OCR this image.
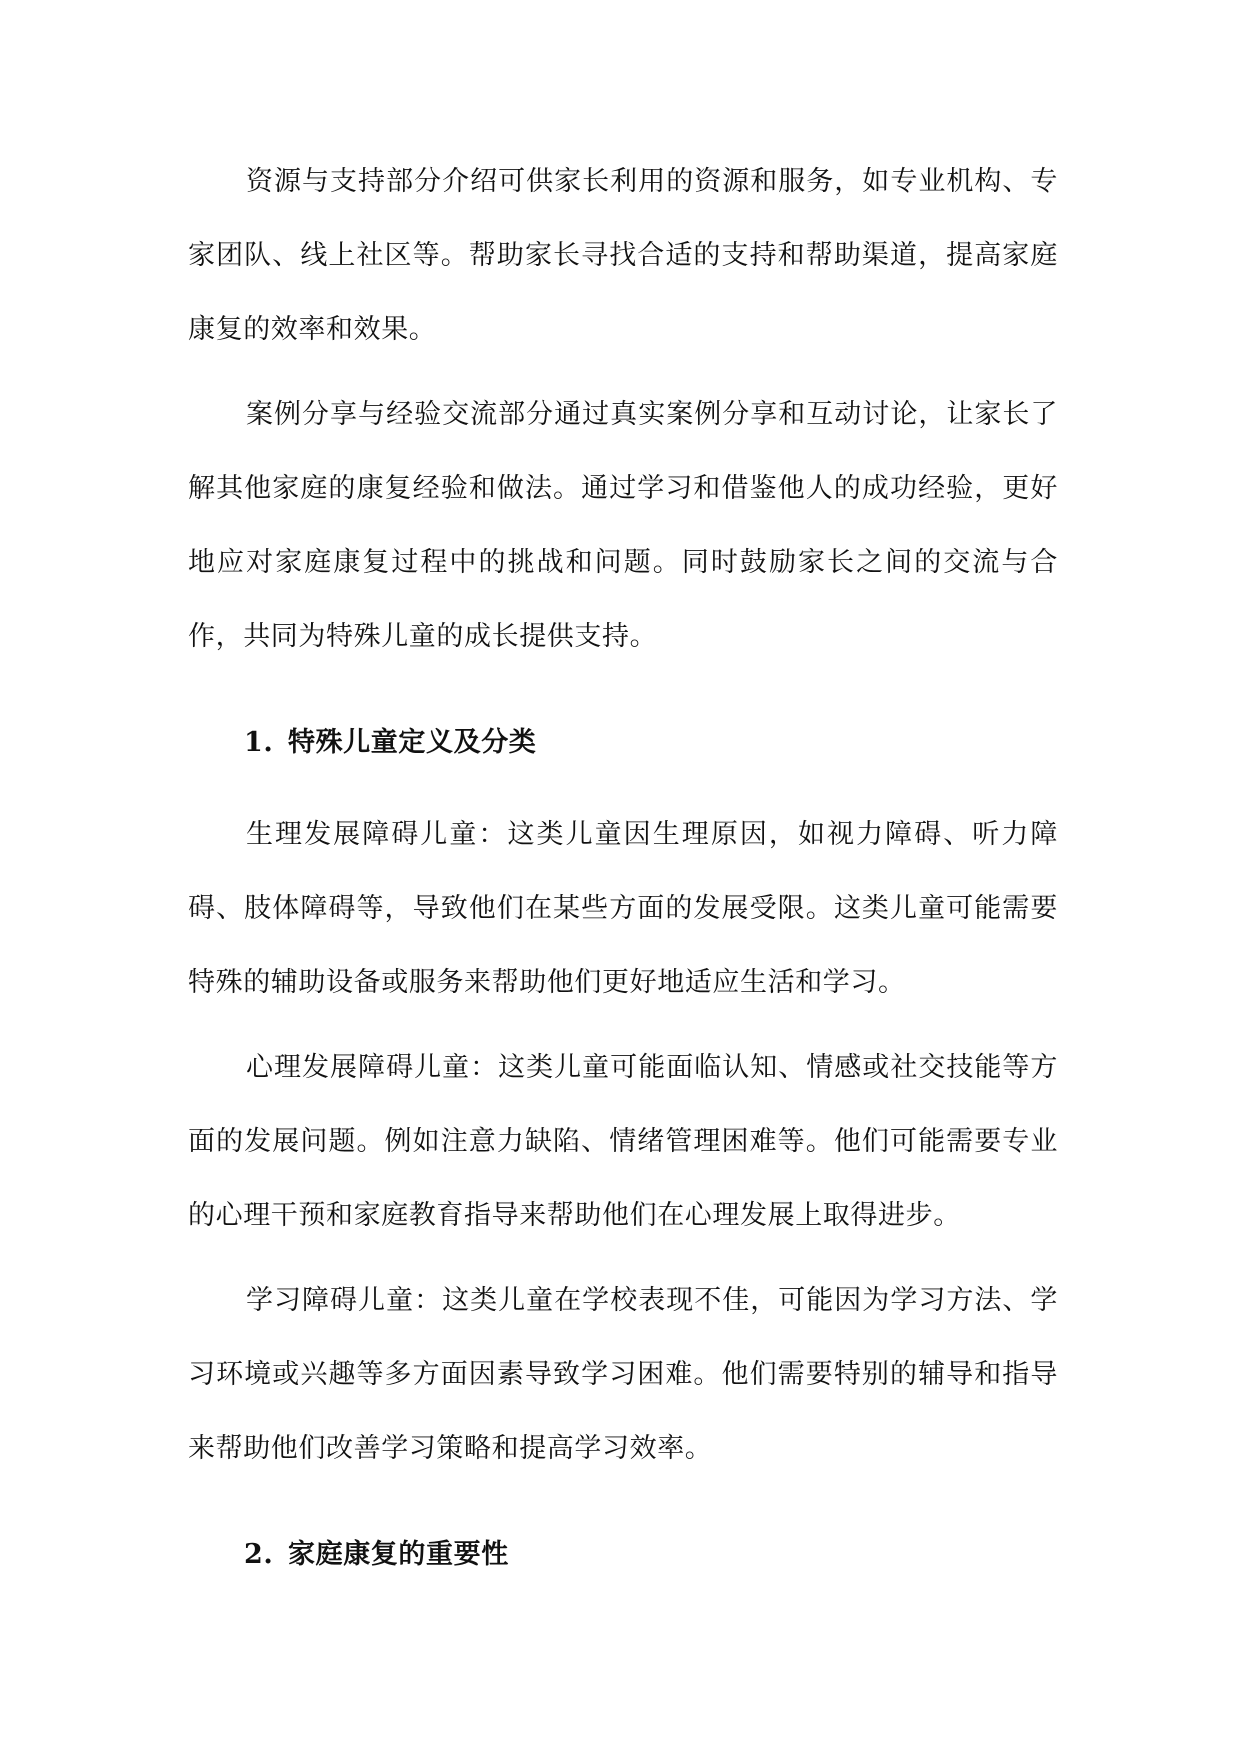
资源与支持部分介绍可供家长利用的资源和服务，如专业机构、专家团队、线上社区等。帮助家长寻找合适的支持和帮助渠道，提高家庭康复的效率和效果。

案例分享与经验交流部分通过真实案例分享和互动讨论，让家长了解其他家庭的康复经验和做法。通过学习和借鉴他人的成功经验，更好地应对家庭康复过程中的挑战和问题。同时鼓励家长之间的交流与合作，共同为特殊儿童的成长提供支持。

1. 特殊儿童定义及分类

生理发展障碍儿童：这类儿童因生理原因，如视力障碍、听力障碍、肢体障碍等，导致他们在某些方面的发展受限。这类儿童可能需要特殊的辅助设备或服务来帮助他们更好地适应生活和学习。

心理发展障碍儿童：这类儿童可能面临认知、情感或社交技能等方面的发展问题。例如注意力缺陷、情绪管理困难等。他们可能需要专业的心理干预和家庭教育指导来帮助他们在心理发展上取得进步。

学习障碍儿童：这类儿童在学校表现不佳，可能因为学习方法、学习环境或兴趣等多方面因素导致学习困难。他们需要特别的辅导和指导来帮助他们改善学习策略和提高学习效率。

2. 家庭康复的重要性
